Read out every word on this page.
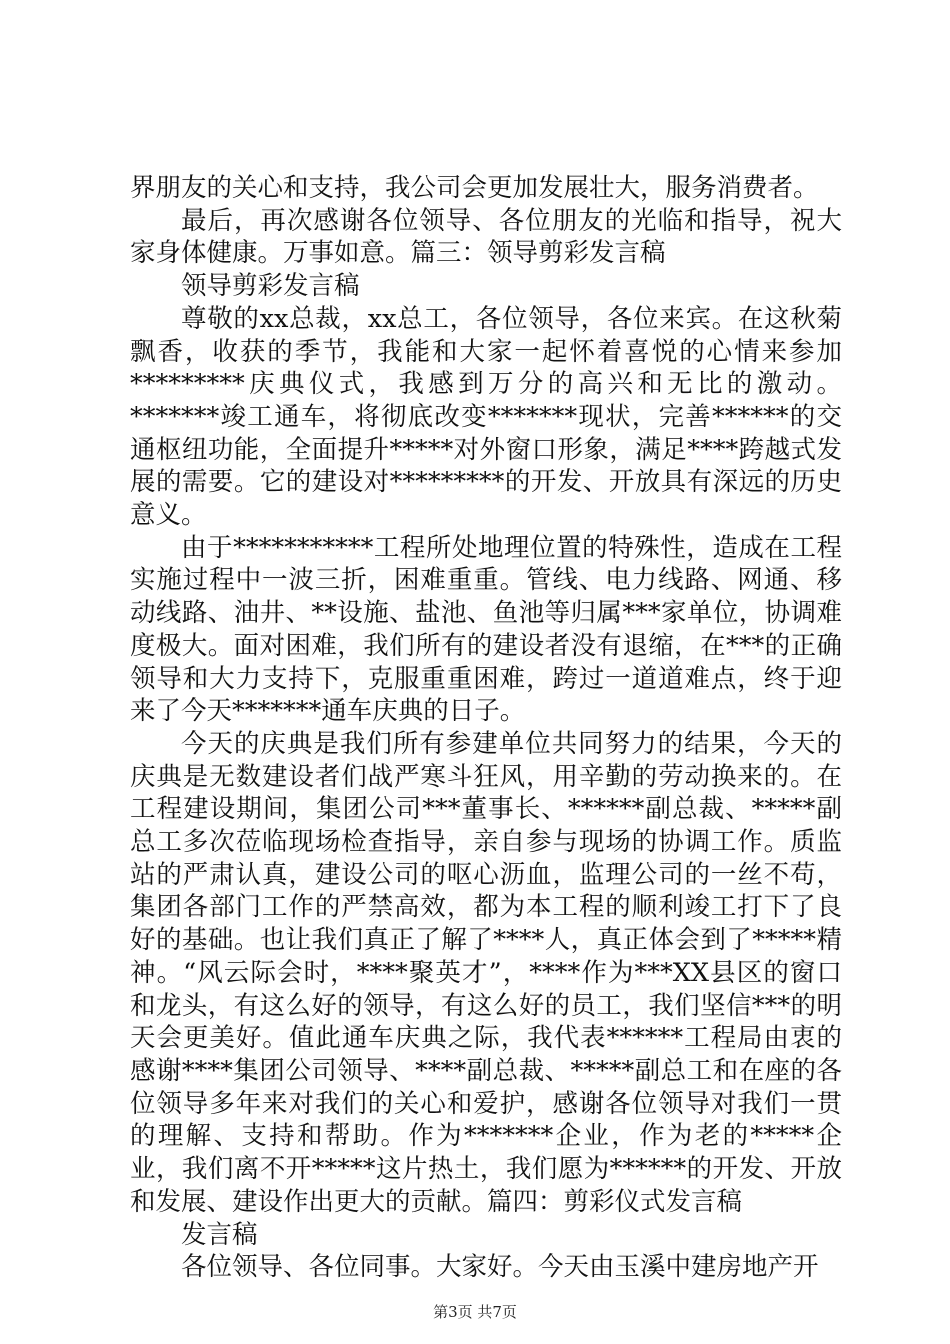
界朋友的关心和支持，我公司会更加发展壮大，服务消费者。

最后，再次感谢各位领导、各位朋友的光临和指导，祝大家身体健康。万事如意。篇三：领导剪彩发言稿

领导剪彩发言稿

尊敬的xx总裁，xx总工，各位领导，各位来宾。在这秋菊飘香，收获的季节，我能和大家一起怀着喜悦的心情来参加*********庆典仪式，我感到万分的高兴和无比的激动。*******竣工通车，将彻底改变*******现状，完善******的交通枢纽功能，全面提升*****对外窗口形象，满足****跨越式发展的需要。它的建设对*********的开发、开放具有深远的历史意义。

由于***********工程所处地理位置的特殊性，造成在工程实施过程中一波三折，困难重重。管线、电力线路、网通、移动线路、油井、**设施、盐池、鱼池等归属***家单位，协调难度极大。面对困难，我们所有的建设者没有退缩，在***的正确领导和大力支持下，克服重重困难，跨过一道道难点，终于迎来了今天*******通车庆典的日子。

今天的庆典是我们所有参建单位共同努力的结果，今天的庆典是无数建设者们战严寒斗狂风，用辛勤的劳动换来的。在工程建设期间，集团公司***董事长、******副总裁、*****副总工多次莅临现场检查指导，亲自参与现场的协调工作。质监站的严肃认真，建设公司的呕心沥血，监理公司的一丝不苟，集团各部门工作的严禁高效，都为本工程的顺利竣工打下了良好的基础。也让我们真正了解了****人，真正体会到了*****精神。“风云际会时，****聚英才”，****作为***XX县区的窗口和龙头，有这么好的领导，有这么好的员工，我们坚信***的明天会更美好。值此通车庆典之际，我代表******工程局由衷的感谢****集团公司领导、****副总裁、*****副总工和在座的各位领导多年来对我们的关心和爱护，感谢各位领导对我们一贯的理解、支持和帮助。作为*******企业，作为老的*****企业，我们离不开*****这片热土，我们愿为******的开发、开放和发展、建设作出更大的贡献。篇四：剪彩仪式发言稿

发言稿

各位领导、各位同事。大家好。今天由玉溪中建房地产开

第3页 共7页
